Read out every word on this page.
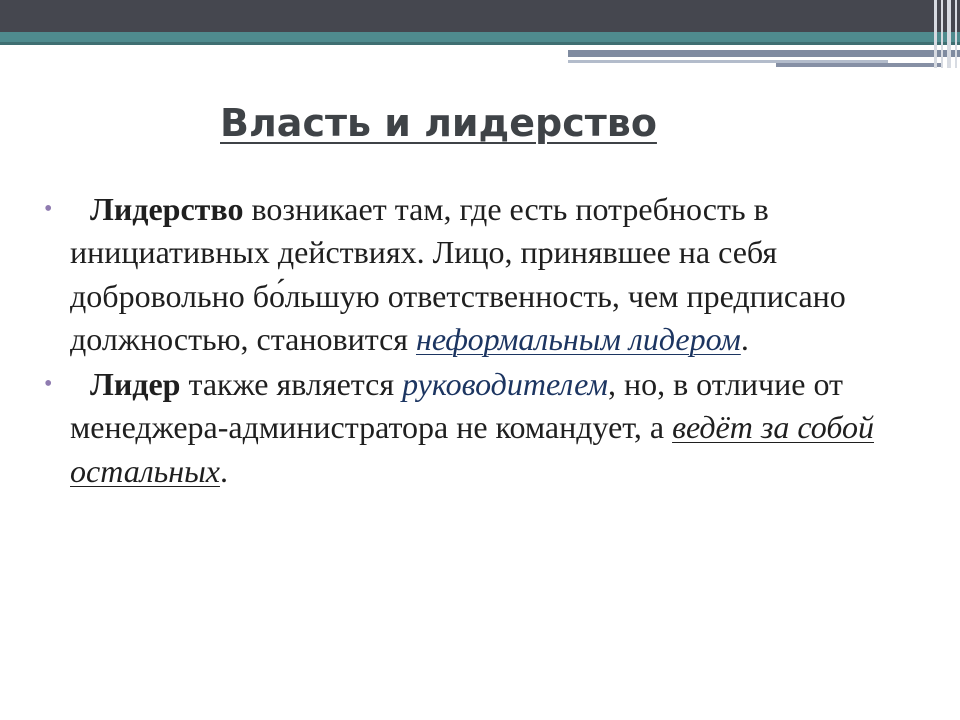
Власть и лидерство

• Лидерство возникает там, где есть потребность в инициативных действиях. Лицо, принявшее на себя добровольно бо́льшую ответственность, чем предписано должностью, становится неформальным лидером.

• Лидер также является руководителем, но, в отличие от менеджера-администратора не командует, а ведёт за собой остальных.
